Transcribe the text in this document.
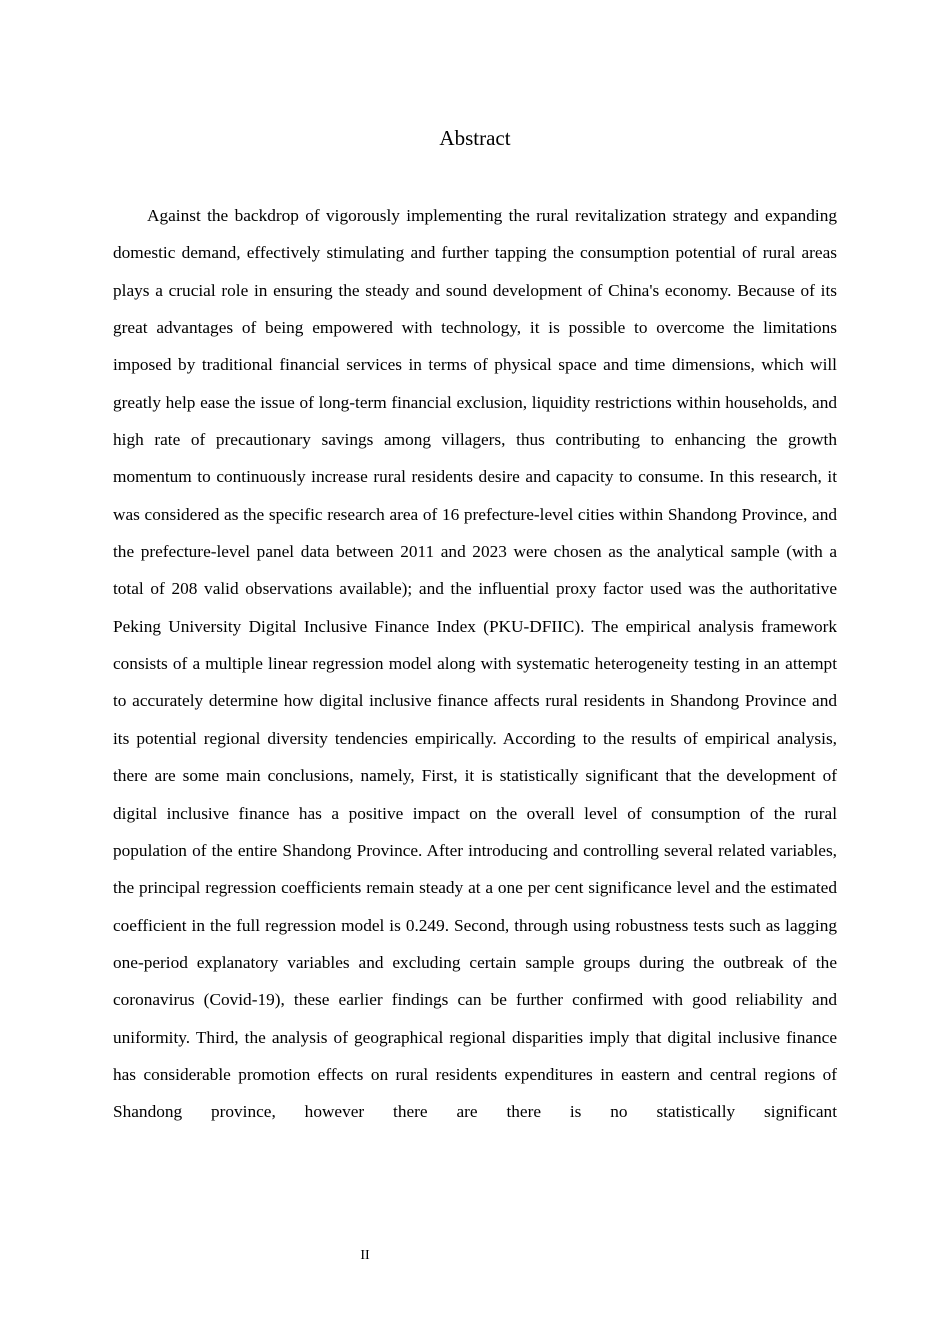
Abstract

Against the backdrop of vigorously implementing the rural revitalization strategy and expanding domestic demand, effectively stimulating and further tapping the consumption potential of rural areas plays a crucial role in ensuring the steady and sound development of China's economy. Because of its great advantages of being empowered with technology, it is possible to overcome the limitations imposed by traditional financial services in terms of physical space and time dimensions, which will greatly help ease the issue of long-term financial exclusion, liquidity restrictions within households, and high rate of precautionary savings among villagers, thus contributing to enhancing the growth momentum to continuously increase rural residents desire and capacity to consume. In this research, it was considered as the specific research area of 16 prefecture-level cities within Shandong Province, and the prefecture-level panel data between 2011 and 2023 were chosen as the analytical sample (with a total of 208 valid observations available); and the influential proxy factor used was the authoritative Peking University Digital Inclusive Finance Index (PKU-DFIIC). The empirical analysis framework consists of a multiple linear regression model along with systematic heterogeneity testing in an attempt to accurately determine how digital inclusive finance affects rural residents in Shandong Province and its potential regional diversity tendencies empirically. According to the results of empirical analysis, there are some main conclusions, namely, First, it is statistically significant that the development of digital inclusive finance has a positive impact on the overall level of consumption of the rural population of the entire Shandong Province. After introducing and controlling several related variables, the principal regression coefficients remain steady at a one per cent significance level and the estimated coefficient in the full regression model is 0.249. Second, through using robustness tests such as lagging one-period explanatory variables and excluding certain sample groups during the outbreak of the coronavirus (Covid-19), these earlier findings can be further confirmed with good reliability and uniformity. Third, the analysis of geographical regional disparities imply that digital inclusive finance has considerable promotion effects on rural residents expenditures in eastern and central regions of Shandong province, however there are there is no statistically significant

II
